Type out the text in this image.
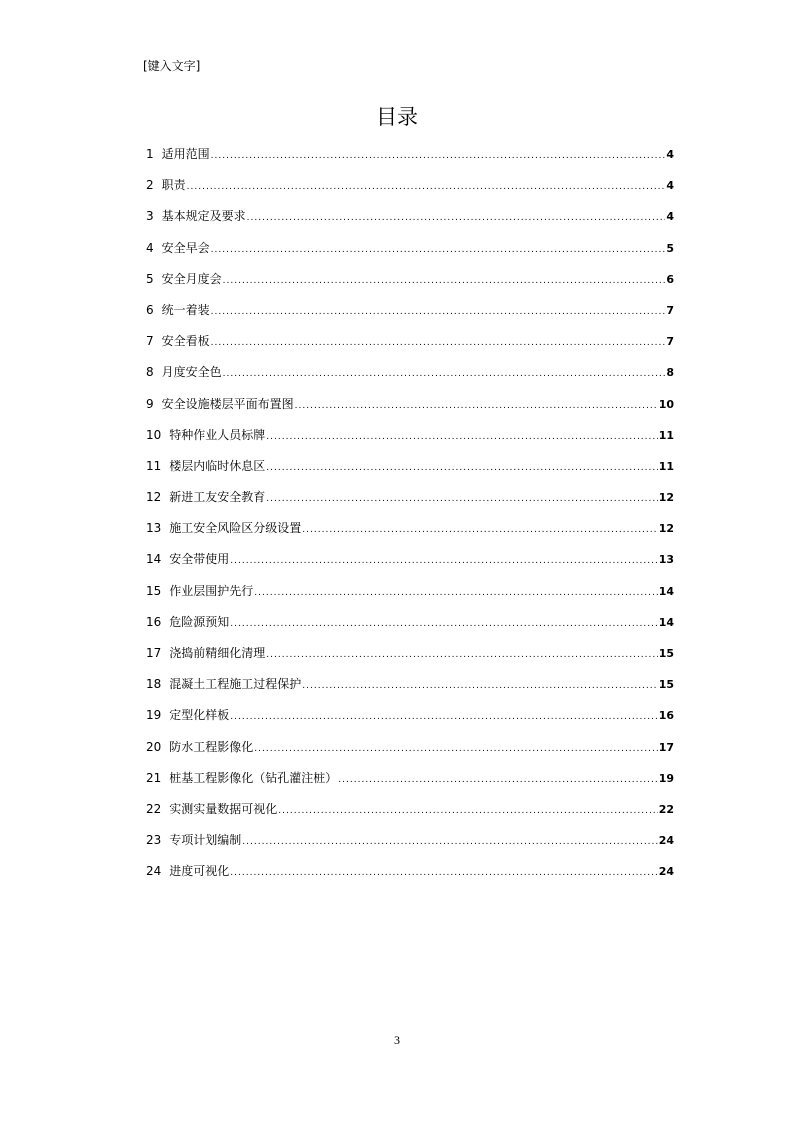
[键入文字]
目录
1 适用范围 .....	4
2 职责 .....	4
3 基本规定及要求 .....	4
4 安全早会 .....	5
5 安全月度会 .....	6
6 统一着装 .....	7
7 安全看板 .....	7
8 月度安全色 .....	8
9 安全设施楼层平面布置图 .....	10
10 特种作业人员标牌 .....	11
11 楼层内临时休息区 .....	11
12 新进工友安全教育 .....	12
13 施工安全风险区分级设置 .....	12
14 安全带使用 .....	13
15 作业层围护先行 .....	14
16 危险源预知 .....	14
17 浇捣前精细化清理 .....	15
18 混凝土工程施工过程保护 .....	15
19 定型化样板 .....	16
20 防水工程影像化 .....	17
21 桩基工程影像化（钻孔灌注桩） .....	19
22 实测实量数据可视化 .....	22
23 专项计划编制 .....	24
24 进度可视化 .....	24
3
